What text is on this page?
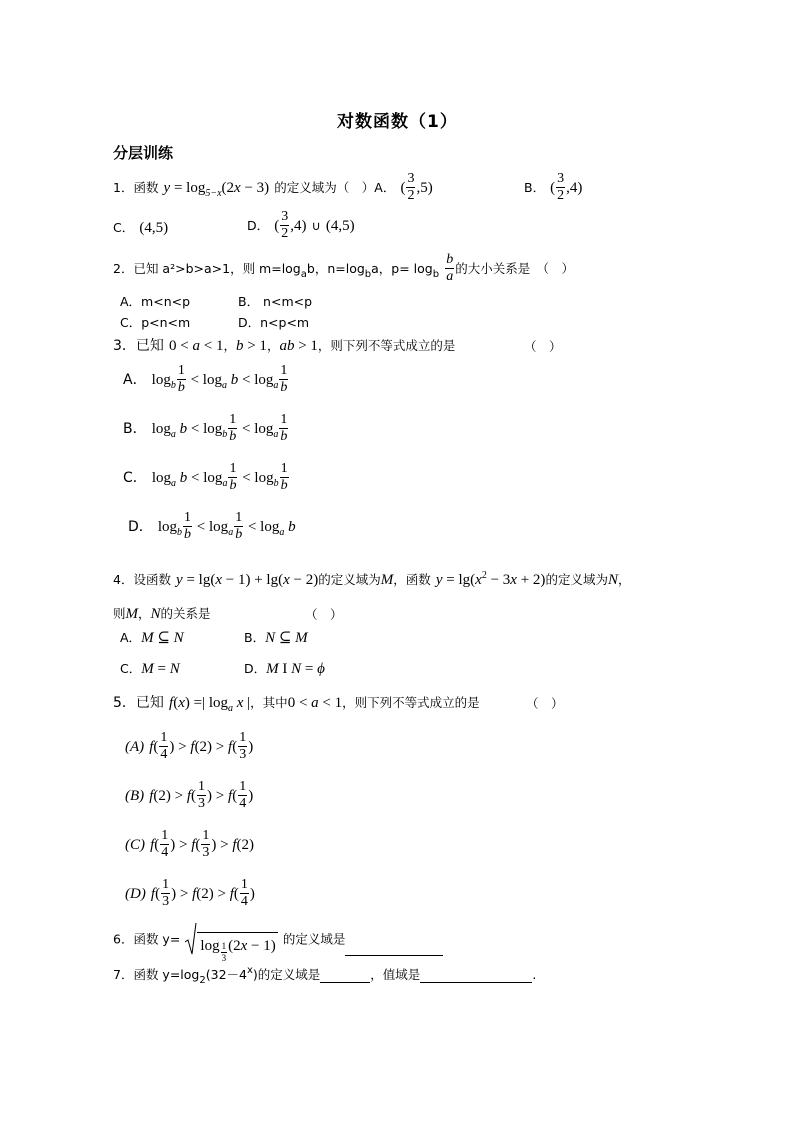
对数函数（1）
分层训练
1．函数 $y = \log_{5-x}(2x - 3)$ 的定义域为（　）A． ( $\frac{3}{2} ,5$)	B． ( $\frac{3}{2} ,4$)
C． (4,5)	D． ( $\frac{3}{2} ,4$) ∪ (4,5)
2．已知 a²>b>a>1，则 $m=\log_ab$，$n=\log_ba$，$p= \log_b \frac{b}{a}$ 的大小关系是　（　）
A．m<n<p	B． n<m<p
C．p<n<m	D．n<p<m
3．已知 0 < a < 1，b > 1，ab > 1，则下列不等式成立的是	（　）
A． $\log_b \frac{1}{b} < \log_a b < \log_a \frac{1}{b}$
B． $\log_a b < \log_b \frac{1}{b} < \log_a \frac{1}{b}$
C． $\log_a b < \log_a \frac{1}{b} < \log_b \frac{1}{b}$
D． $\log_b \frac{1}{b} < \log_a \frac{1}{b} < \log_a b$
4．设函数 y = lg(x − 1) + lg(x − 2)的定义域为M，函数 $y = \lg(x^2 - 3x + 2)$的定义域为N，
则M，N的关系是	（　）
A．M ⊆ N	B．N ⊆ M
C．M = N	D．M I N = ϕ
5．已知 f(x) =| $\log_a x$ |，其中0 < a < 1，则下列不等式成立的是	（　）
(A) $f( \frac{1}{4}$ ) > $f(2) > f( \frac{1}{3}$ )
(B) $f(2) > f( \frac{1}{3}$ ) > $f( \frac{1}{4}$ )
(C) $f( \frac{1}{4}$ ) > $f( \frac{1}{3}$ ) > f(2)
(D) $f( \frac{1}{3}$ ) > $f(2) > f( \frac{1}{4}$ )
6．函数 $y= \log \frac{1}{3} (2x - 1)$ 的定义域是
7．函数 $y=\log_2(32-4^x)$的定义域是	，值域是	.
